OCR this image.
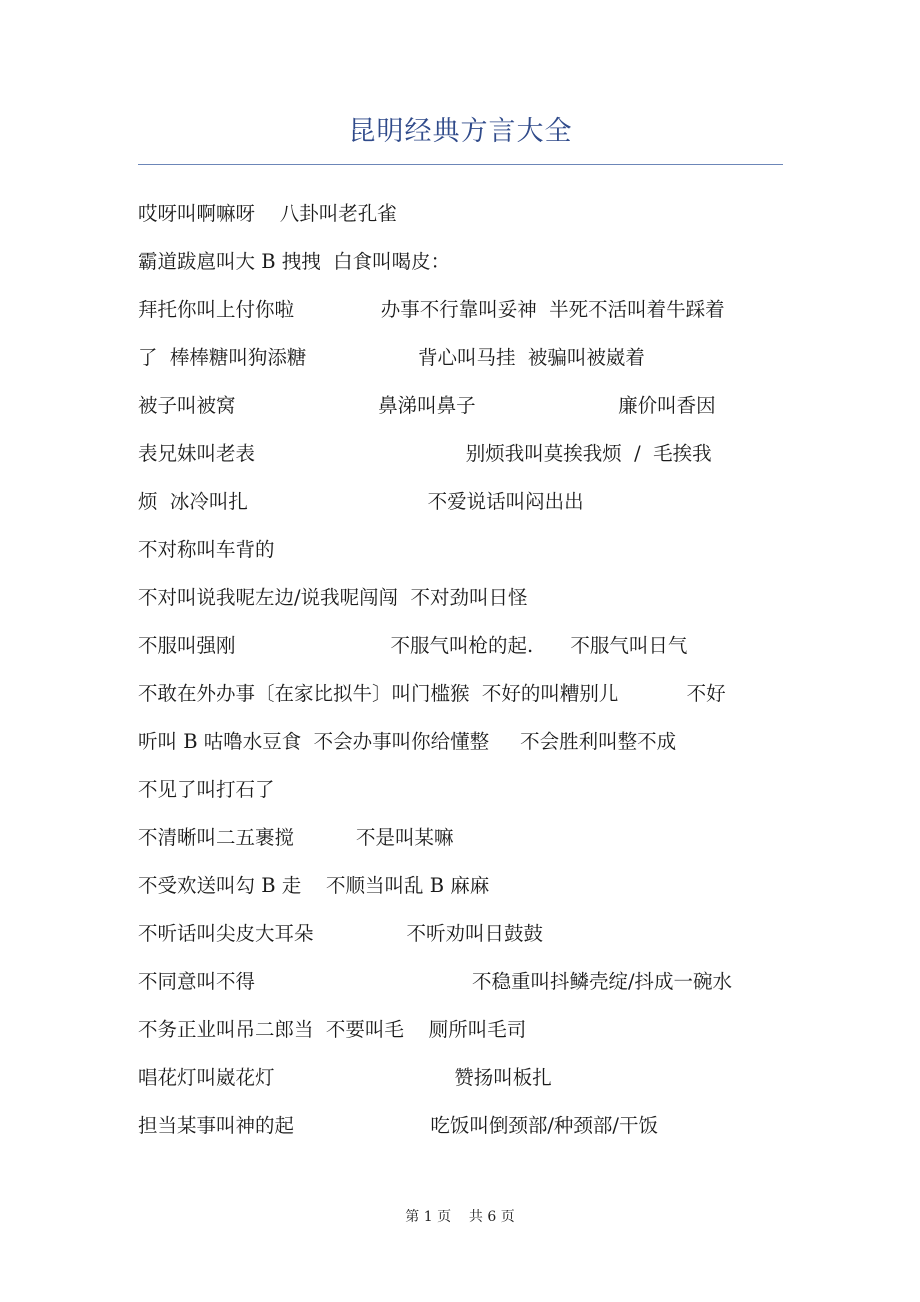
昆明经典方言大全
哎呀叫啊嘛呀    八卦叫老孔雀
霸道跋扈叫大 B 拽拽  白食叫喝皮：
拜托你叫上付你啦              办事不行靠叫妥神  半死不活叫着牛踩着
了  棒棒糖叫狗添糖                  背心叫马挂  被骗叫被崴着
被子叫被窝                       鼻涕叫鼻子                       廉价叫香因
表兄妹叫老表                                  别烦我叫莫挨我烦  /  毛挨我
烦  冰冷叫扎                             不爱说话叫闷出出
不对称叫车背的
不对叫说我呢左边/说我呢闯闯  不对劲叫日怪
不服叫强刚                         不服气叫枪的起.      不服气叫日气
不敢在外办事〔在家比拟牛〕叫门槛猴  不好的叫糟别儿           不好
听叫 B 咕噜水豆食  不会办事叫你给懂整     不会胜利叫整不成
不见了叫打石了
不清晰叫二五裹搅          不是叫某嘛
不受欢送叫勾 B 走    不顺当叫乱 B 麻麻
不听话叫尖皮大耳朵               不听劝叫日鼓鼓
不同意叫不得                                   不稳重叫抖鳞壳绽/抖成一碗水
不务正业叫吊二郎当  不要叫毛    厕所叫毛司
唱花灯叫崴花灯                             赞扬叫板扎
担当某事叫神的起                      吃饭叫倒颈部/种颈部/干饭
第 1 页    共 6 页
